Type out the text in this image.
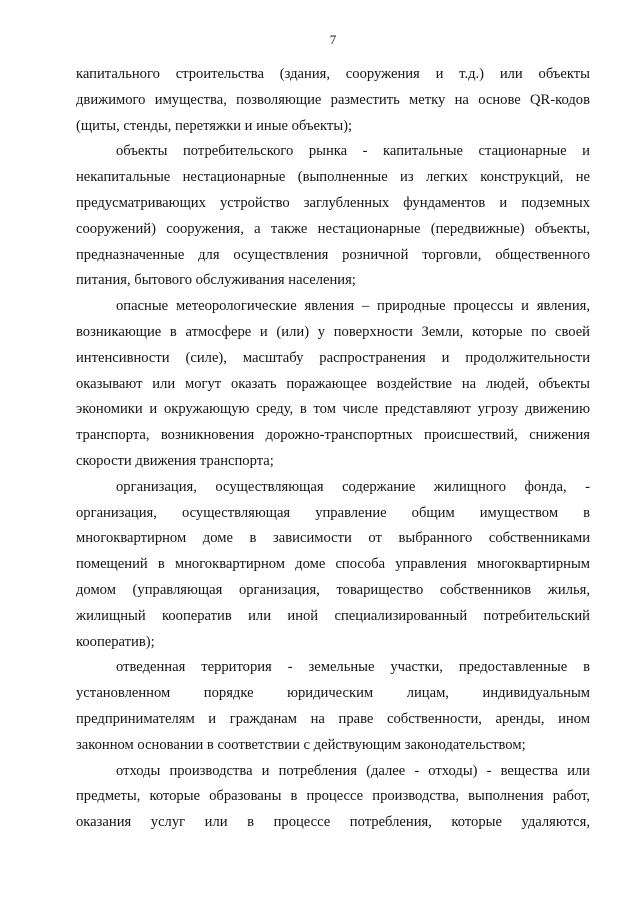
7
капитального строительства (здания, сооружения и т.д.) или объекты
движимого имущества, позволяющие разместить метку на основе QR-кодов
(щиты, стенды, перетяжки и иные объекты);
объекты потребительского рынка - капитальные стационарные и
некапитальные нестационарные (выполненные из легких конструкций, не
предусматривающих устройство заглубленных фундаментов и подземных
сооружений) сооружения, а также нестационарные (передвижные) объекты,
предназначенные для осуществления розничной торговли, общественного
питания, бытового обслуживания населения;
опасные метеорологические явления – природные процессы и явления,
возникающие в атмосфере и (или) у поверхности Земли, которые по своей
интенсивности (силе), масштабу распространения и продолжительности
оказывают или могут оказать поражающее воздействие на людей, объекты
экономики и окружающую среду, в том числе представляют угрозу движению
транспорта, возникновения дорожно-транспортных происшествий, снижения
скорости движения транспорта;
организация, осуществляющая содержание жилищного фонда, -
организация, осуществляющая управление общим имуществом в
многоквартирном доме в зависимости от выбранного собственниками
помещений в многоквартирном доме способа управления многоквартирным
домом (управляющая организация, товарищество собственников жилья,
жилищный кооператив или иной специализированный потребительский
кооператив);
отведенная территория - земельные участки, предоставленные в
установленном порядке юридическим лицам, индивидуальным
предпринимателям и гражданам на праве собственности, аренды, ином
законном основании в соответствии с действующим законодательством;
отходы производства и потребления (далее - отходы) - вещества или
предметы, которые образованы в процессе производства, выполнения работ,
оказания услуг или в процессе потребления, которые удаляются,
